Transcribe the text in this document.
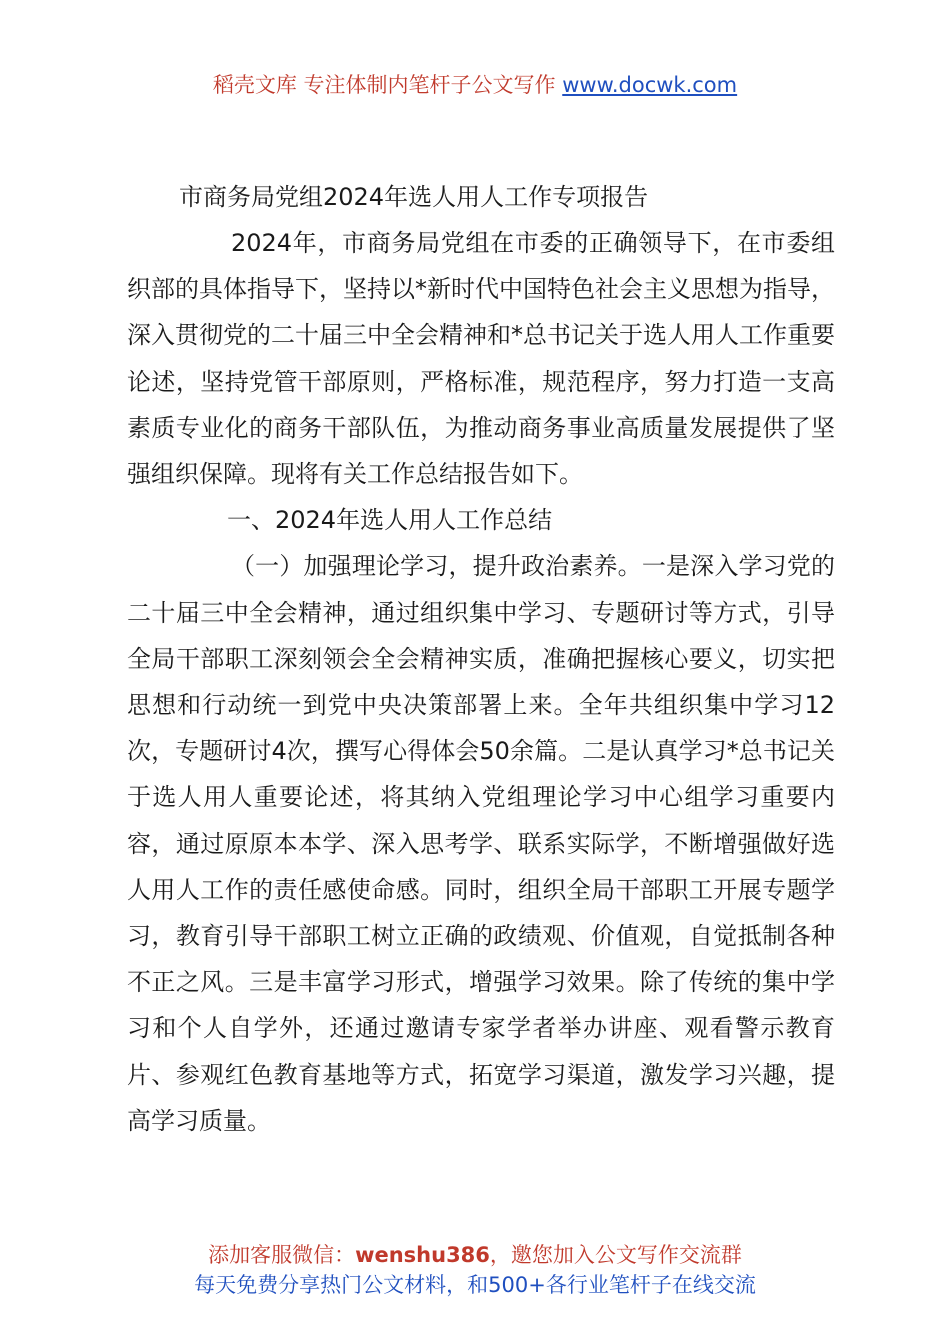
稻壳文库 专注体制内笔杆子公文写作 www.docwk.com
市商务局党组2024年选人用人工作专项报告

2024年，市商务局党组在市委的正确领导下，在市委组织部的具体指导下，坚持以*新时代中国特色社会主义思想为指导，深入贯彻党的二十届三中全会精神和*总书记关于选人用人工作重要论述，坚持党管干部原则，严格标准，规范程序，努力打造一支高素质专业化的商务干部队伍，为推动商务事业高质量发展提供了坚强组织保障。现将有关工作总结报告如下。

一、2024年选人用人工作总结

（一）加强理论学习，提升政治素养。一是深入学习党的二十届三中全会精神，通过组织集中学习、专题研讨等方式，引导全局干部职工深刻领会全会精神实质，准确把握核心要义，切实把思想和行动统一到党中央决策部署上来。全年共组织集中学习12次，专题研讨4次，撰写心得体会50余篇。二是认真学习*总书记关于选人用人重要论述，将其纳入党组理论学习中心组学习重要内容，通过原原本本学、深入思考学、联系实际学，不断增强做好选人用人工作的责任感使命感。同时，组织全局干部职工开展专题学习，教育引导干部职工树立正确的政绩观、价值观，自觉抵制各种不正之风。三是丰富学习形式，增强学习效果。除了传统的集中学习和个人自学外，还通过邀请专家学者举办讲座、观看警示教育片、参观红色教育基地等方式，拓宽学习渠道，激发学习兴趣，提高学习质量。

添加客服微信：wenshu386，邀您加入公文写作交流群
每天免费分享热门公文材料，和500+各行业笔杆子在线交流
